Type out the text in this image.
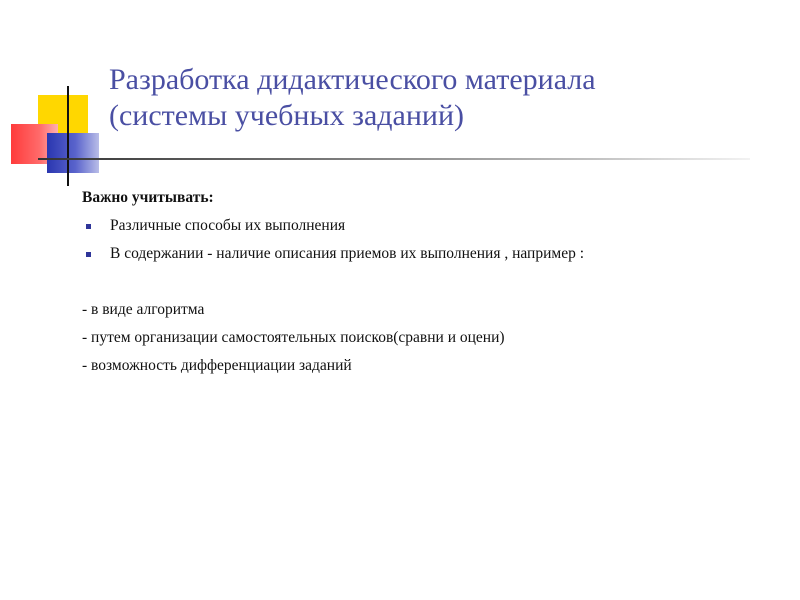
Разработка дидактического материала
(системы учебных заданий)

Важно учитывать:

Различные способы их выполнения
В содержании - наличие описания приемов их выполнения , например :

- в виде алгоритма

- путем организации самостоятельных поисков(сравни и оцени)

- возможность дифференциации заданий
